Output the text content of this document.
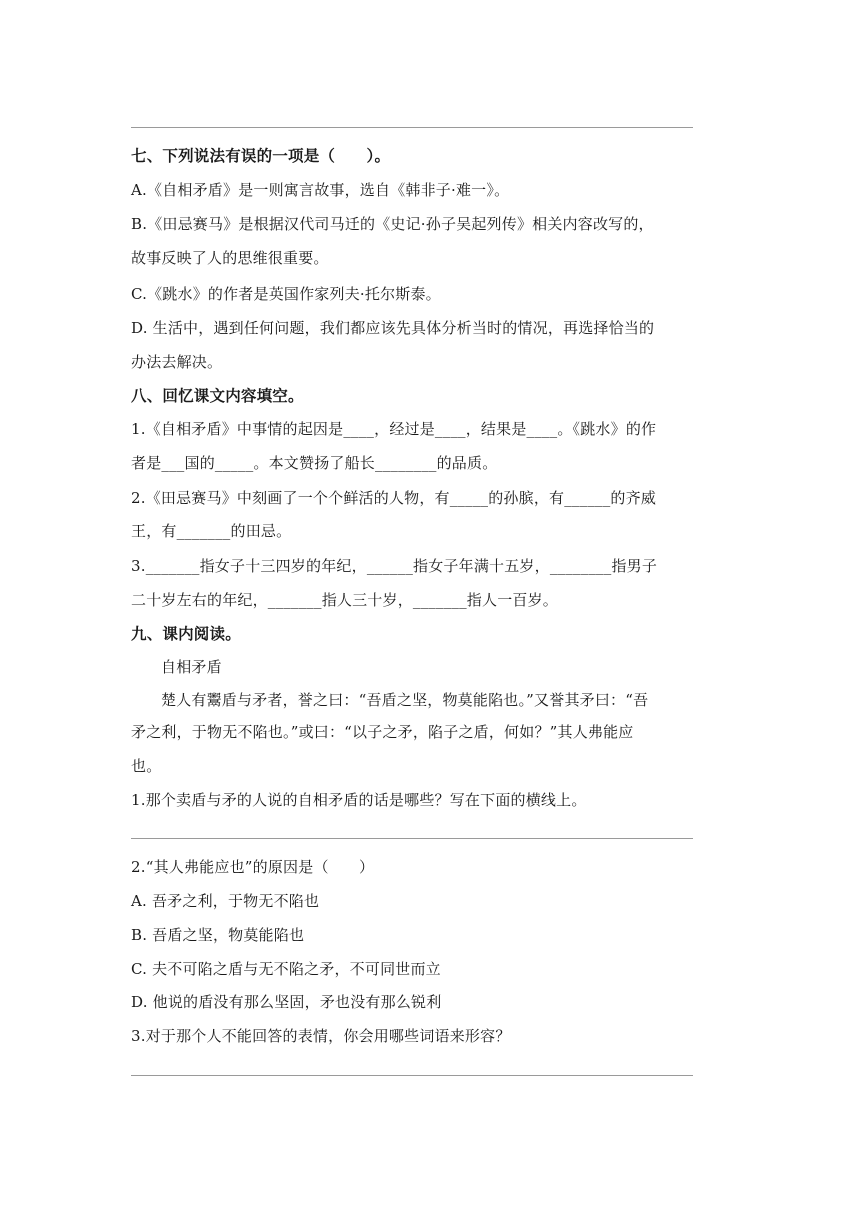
七、下列说法有误的一项是（　　）。
A.《自相矛盾》是一则寓言故事，选自《韩非子·难一》。
B.《田忌赛马》是根据汉代司马迁的《史记·孙子吴起列传》相关内容改写的，
故事反映了人的思维很重要。
C.《跳水》的作者是英国作家列夫·托尔斯泰。
D. 生活中，遇到任何问题，我们都应该先具体分析当时的情况，再选择恰当的
办法去解决。
八、回忆课文内容填空。
1.《自相矛盾》中事情的起因是____，经过是____，结果是____。《跳水》的作
者是___国的_____。本文赞扬了船长________的品质。
2.《田忌赛马》中刻画了一个个鲜活的人物，有_____的孙膑，有______的齐威
王，有_______的田忌。
3._______指女子十三四岁的年纪，______指女子年满十五岁，________指男子
二十岁左右的年纪，_______指人三十岁，_______指人一百岁。
九、课内阅读。
自相矛盾
楚人有鬻盾与矛者，誉之曰：“吾盾之坚，物莫能陷也。”又誉其矛曰：“吾
矛之利，于物无不陷也。”或曰：“以子之矛，陷子之盾，何如？”其人弗能应
也。
1.那个卖盾与矛的人说的自相矛盾的话是哪些？写在下面的横线上。
2.“其人弗能应也”的原因是（　　）
A. 吾矛之利，于物无不陷也
B. 吾盾之坚，物莫能陷也
C. 夫不可陷之盾与无不陷之矛，不可同世而立
D. 他说的盾没有那么坚固，矛也没有那么锐利
3.对于那个人不能回答的表情，你会用哪些词语来形容？
